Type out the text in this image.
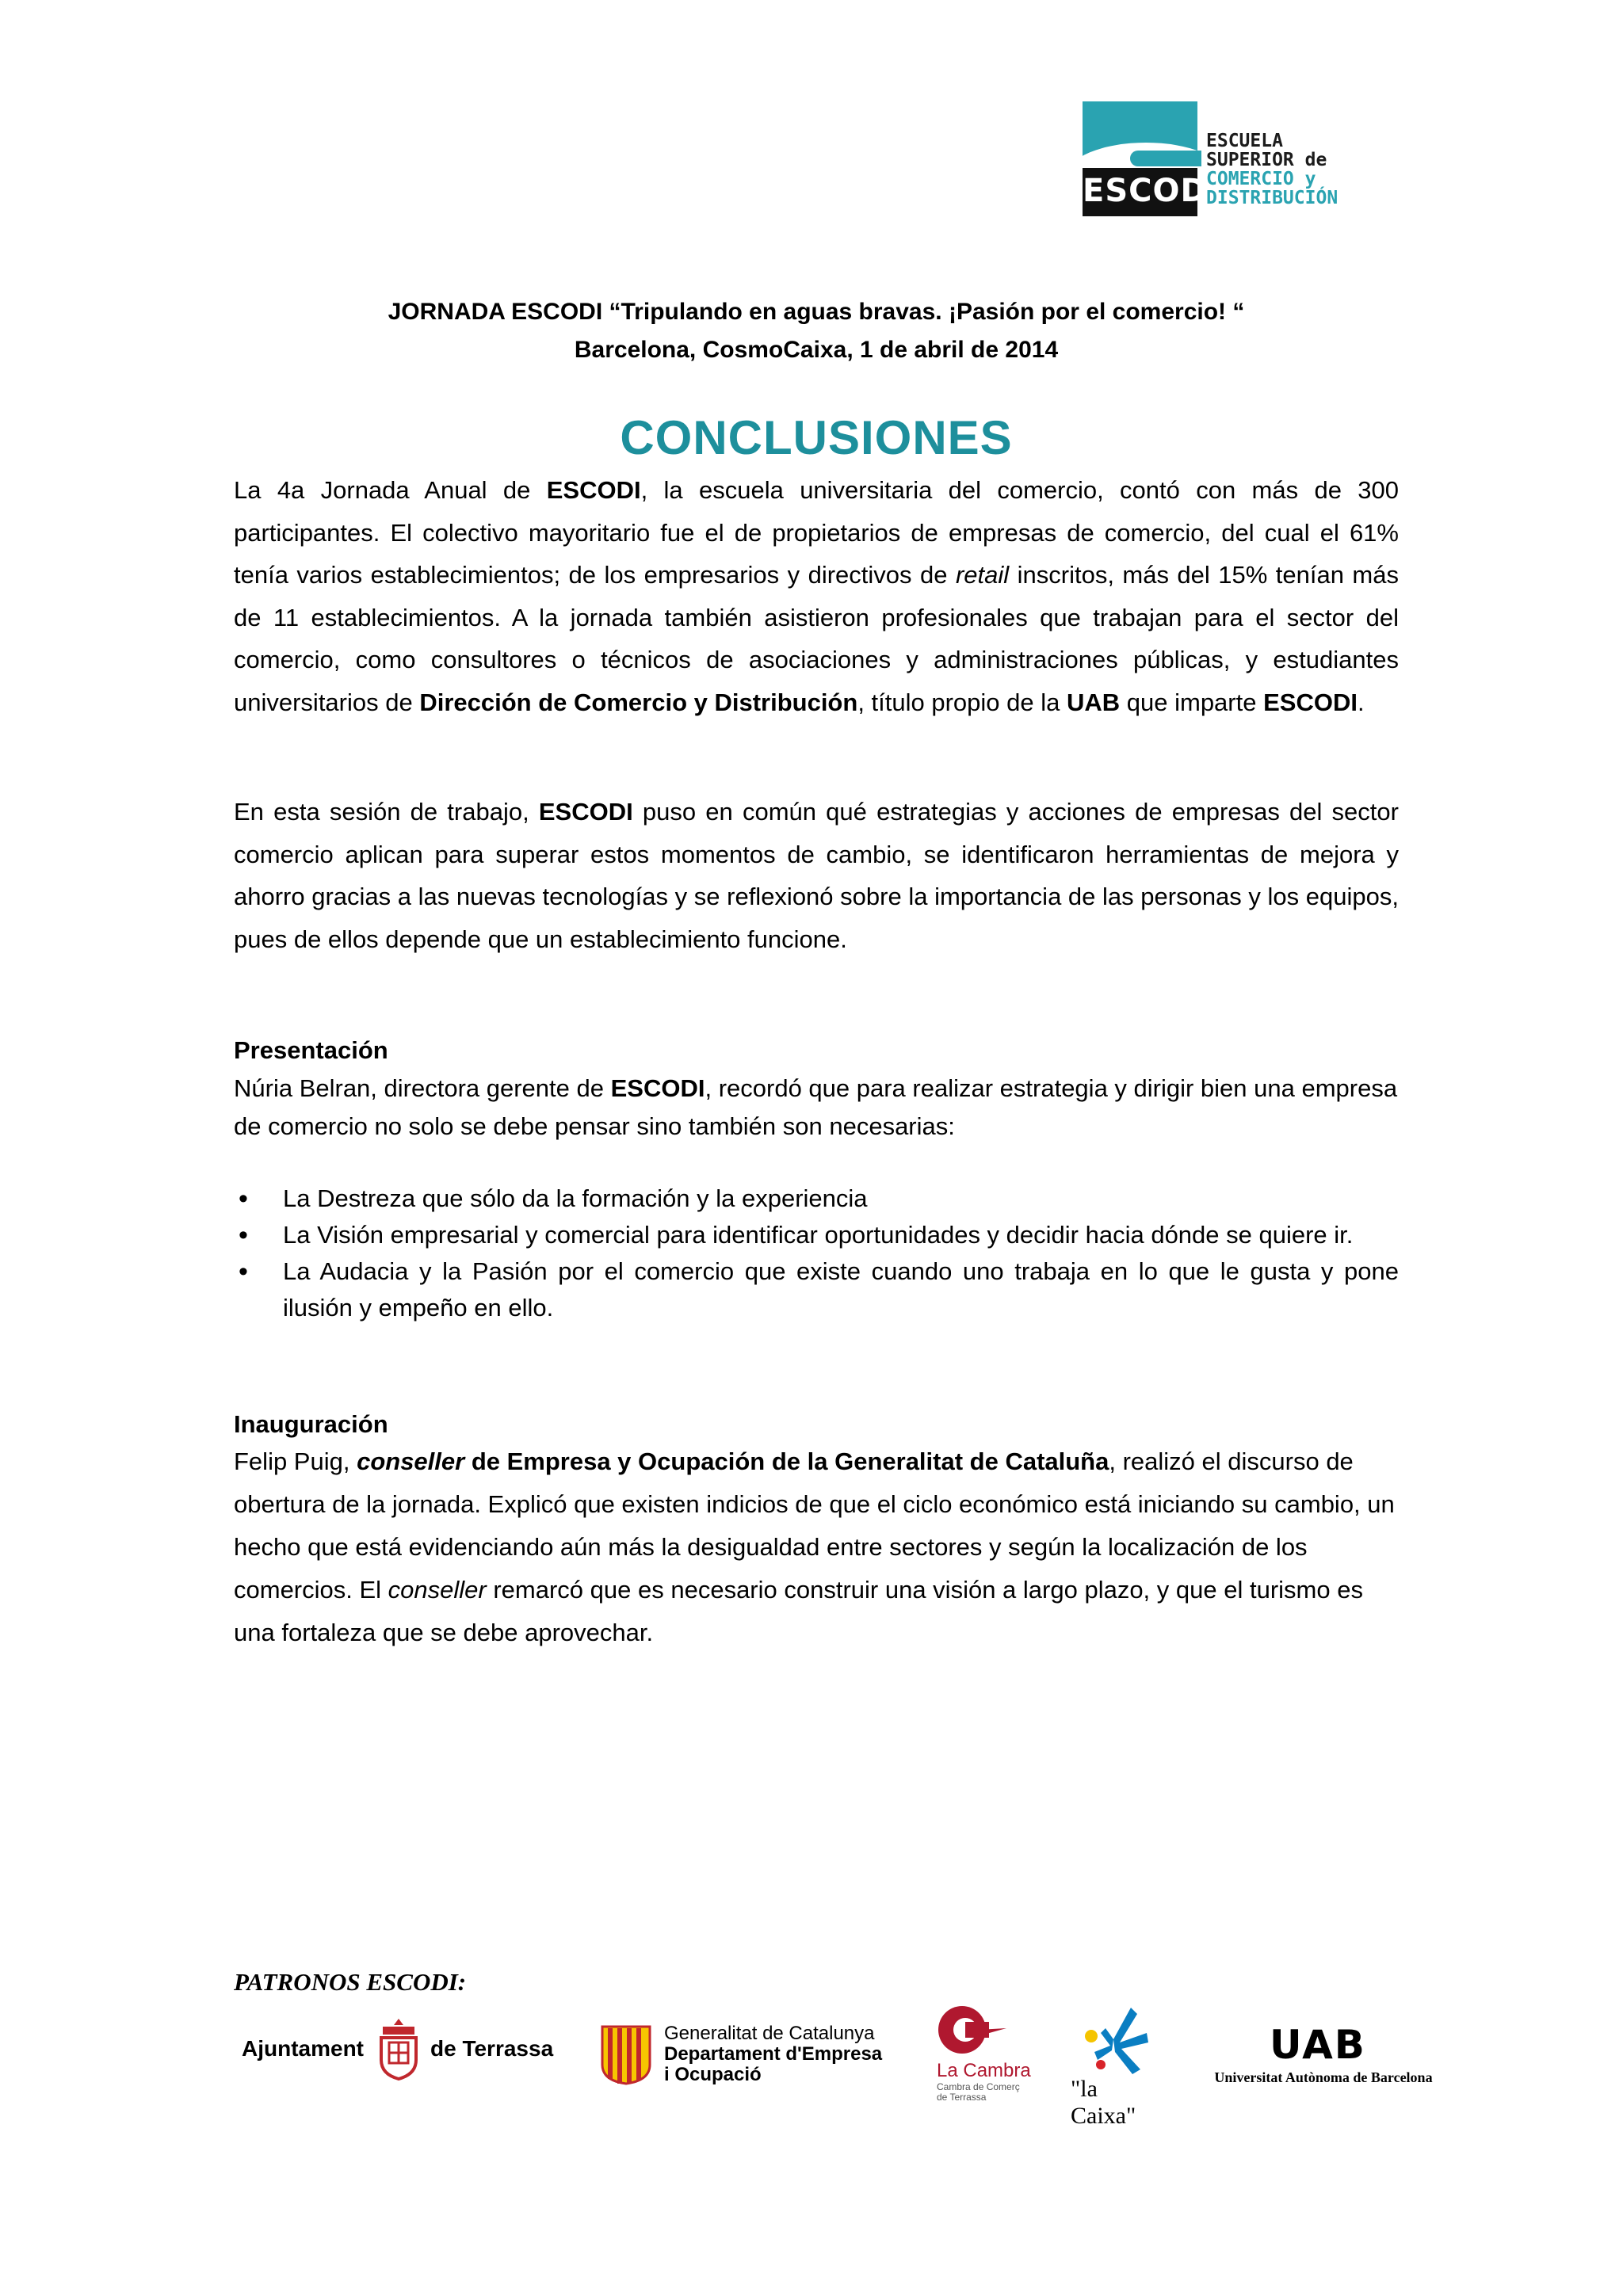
ESCODI
ESCUELA
SUPERIOR de
COMERCIO y
DISTRIBUCIÓN
JORNADA ESCODI “Tripulando en aguas bravas. ¡Pasión por el comercio! “
Barcelona, CosmoCaixa, 1 de abril de 2014
CONCLUSIONES
La 4a Jornada Anual de ESCODI, la escuela universitaria del comercio, contó con más de 300 participantes. El colectivo mayoritario fue el de propietarios de empresas de comercio, del cual el 61% tenía varios establecimientos; de los empresarios y directivos de retail inscritos, más del 15% tenían más de 11 establecimientos. A la jornada también asistieron profesionales que trabajan para el sector del comercio, como consultores o técnicos de asociaciones y administraciones públicas, y estudiantes universitarios de Dirección de Comercio y Distribución, título propio de la UAB que imparte ESCODI.
En esta sesión de trabajo, ESCODI puso en común qué estrategias y acciones de empresas del sector comercio aplican para superar estos momentos de cambio, se identificaron herramientas de mejora y ahorro gracias a las nuevas tecnologías y se reflexionó sobre la importancia de las personas y los equipos, pues de ellos depende que un establecimiento funcione.
Presentación
Núria Belran, directora gerente de ESCODI, recordó que para realizar estrategia y dirigir bien una empresa de comercio no solo se debe pensar sino también son necesarias:
• La Destreza que sólo da la formación y la experiencia
• La Visión empresarial y comercial para identificar oportunidades y decidir hacia dónde se quiere ir.
• La Audacia y la Pasión por el comercio que existe cuando uno trabaja en lo que le gusta y pone ilusión y empeño en ello.
Inauguración
Felip Puig, conseller de Empresa y Ocupación de la Generalitat de Cataluña, realizó el discurso de obertura de la jornada. Explicó que existen indicios de que el ciclo económico está iniciando su cambio, un hecho que está evidenciando aún más la desigualdad entre sectores y según la localización de los comercios. El conseller remarcó que es necesario construir una visión a largo plazo, y que el turismo es una fortaleza que se debe aprovechar.
PATRONOS ESCODI:
Ajuntament	de Terrassa
Generalitat de Catalunya
Departament d'Empresa
i Ocupació	La Cambra
Cambra de Comerç
de Terrassa	"la Caixa"
UAB
Universitat Autònoma de Barcelona
